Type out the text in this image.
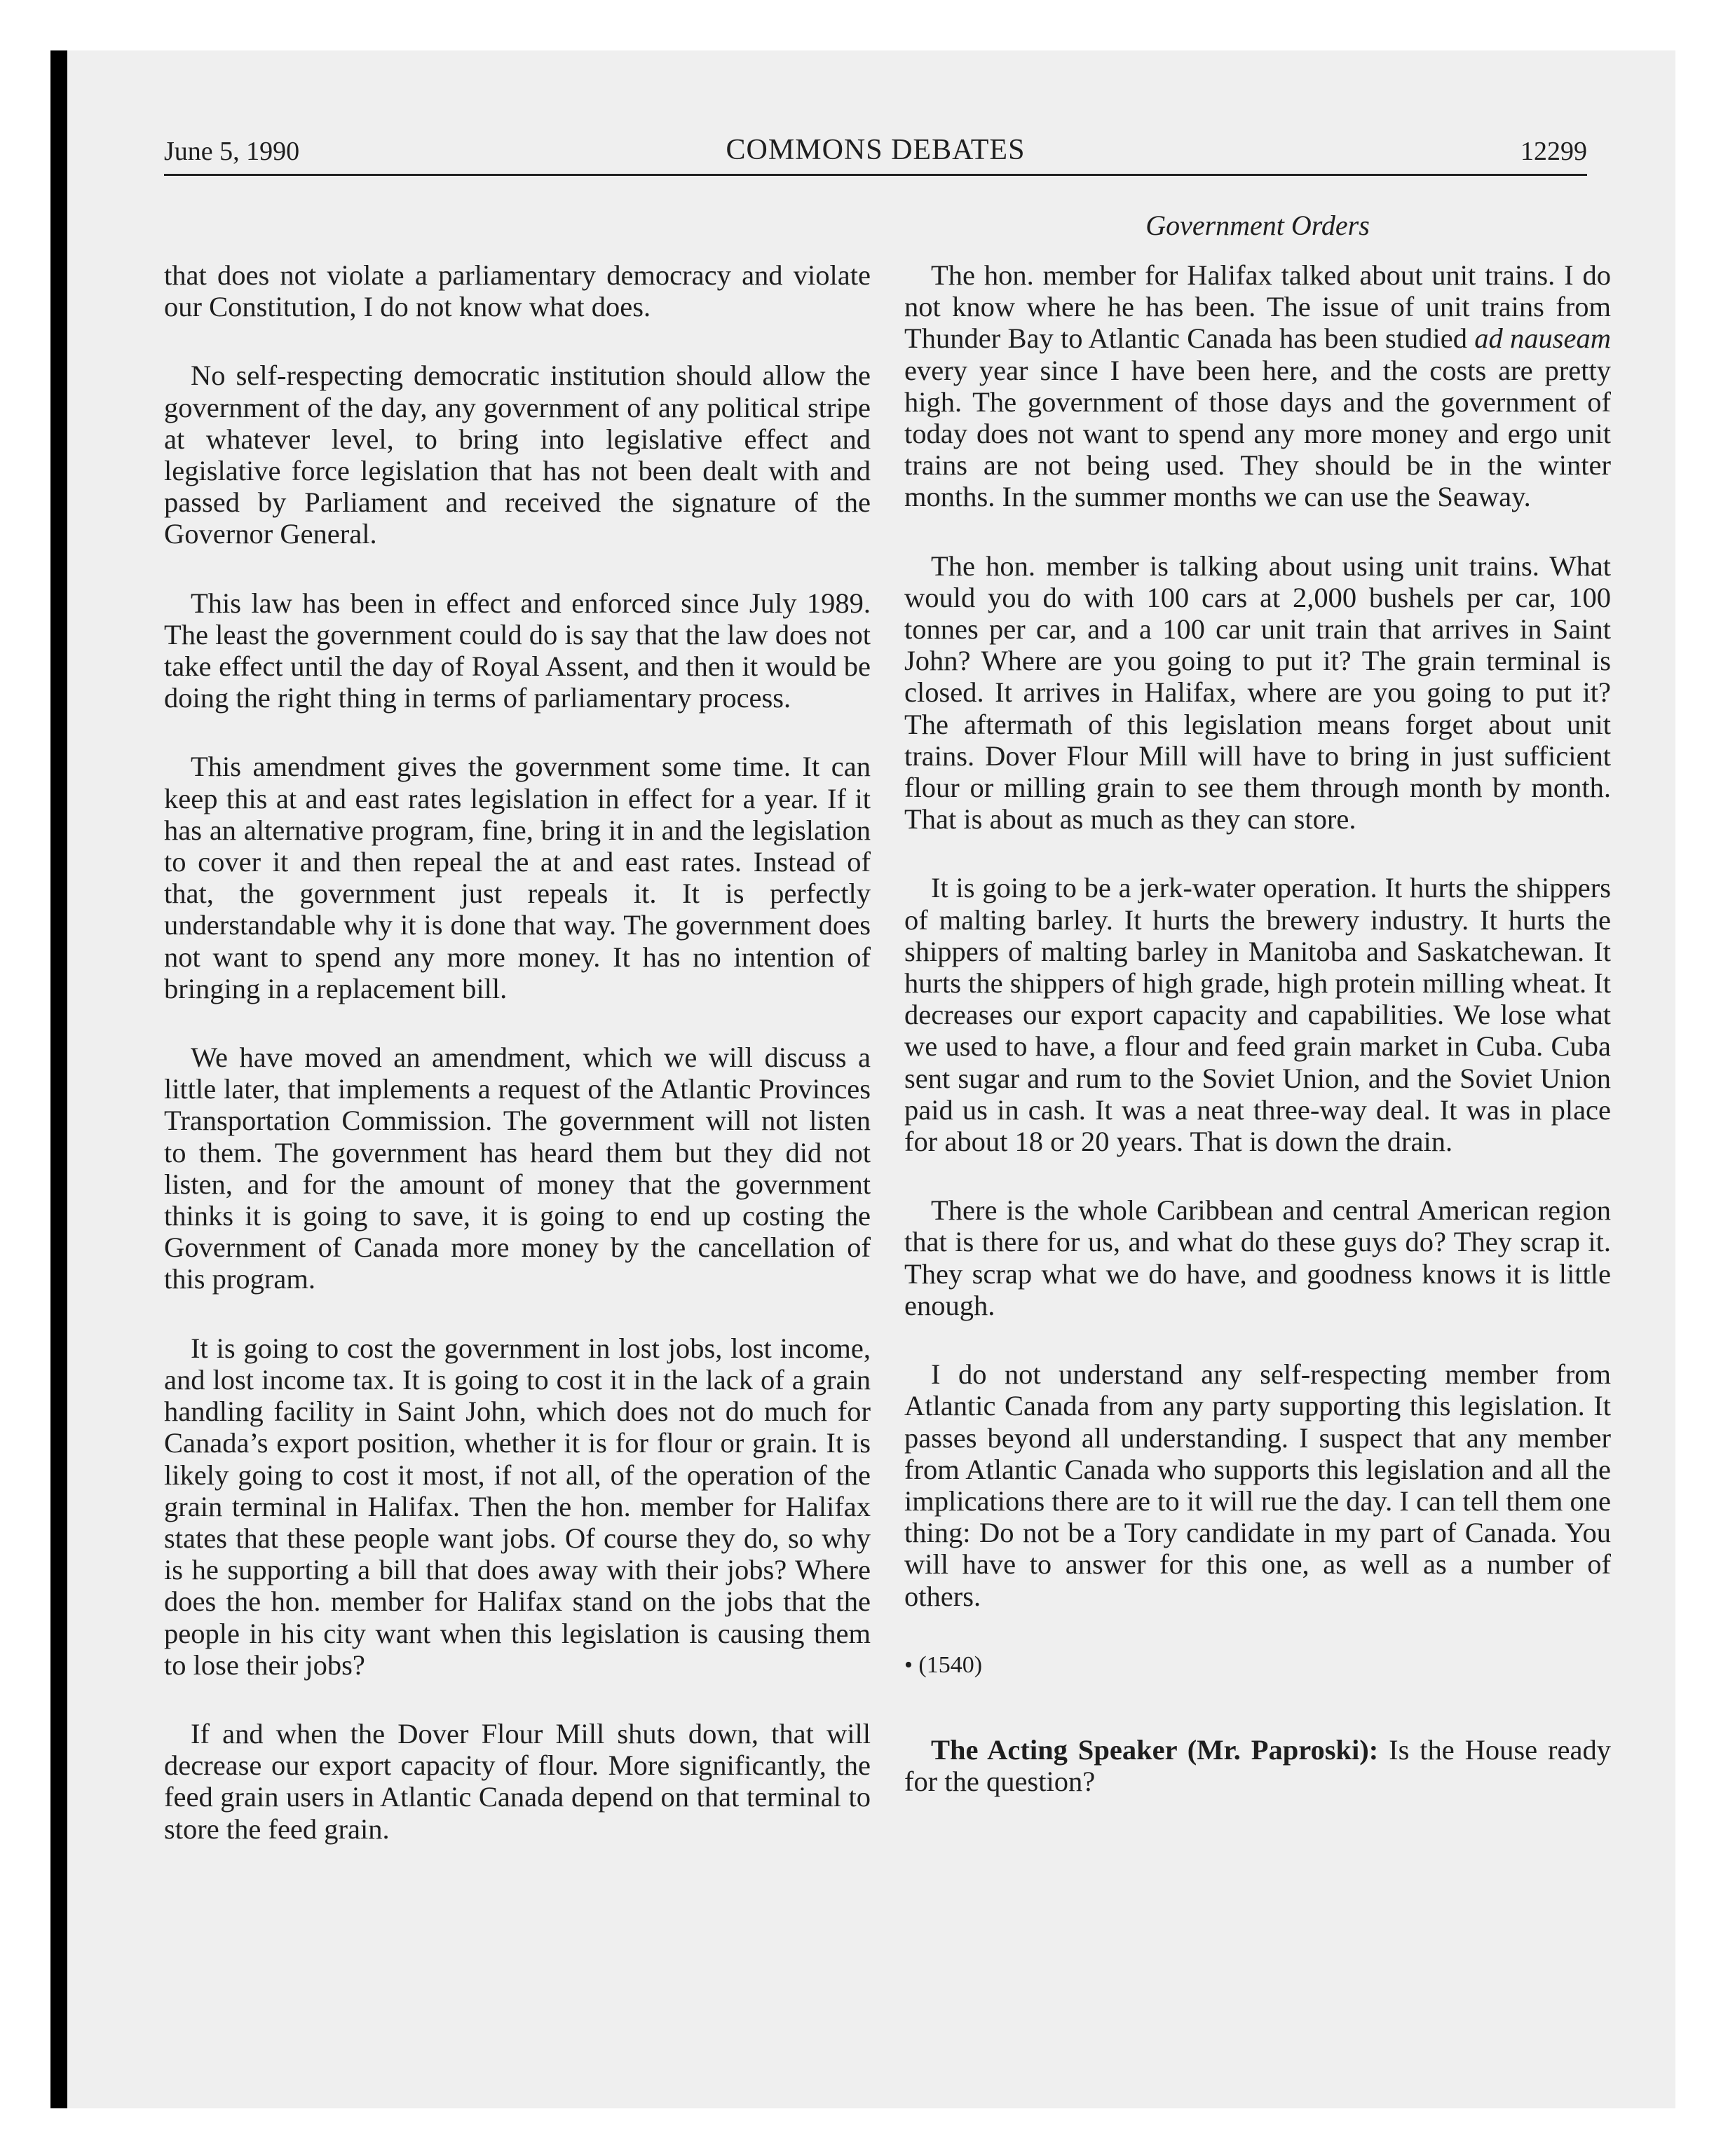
June 5, 1990	COMMONS DEBATES	12299
Government Orders

that does not violate a parliamentary democracy and violate our Constitution, I do not know what does.

No self-respecting democratic institution should allow the government of the day, any government of any political stripe at whatever level, to bring into legislative effect and legislative force legislation that has not been dealt with and passed by Parliament and received the signature of the Governor General.

This law has been in effect and enforced since July 1989. The least the government could do is say that the law does not take effect until the day of Royal Assent, and then it would be doing the right thing in terms of parliamentary process.

This amendment gives the government some time. It can keep this at and east rates legislation in effect for a year. If it has an alternative program, fine, bring it in and the legislation to cover it and then repeal the at and east rates. Instead of that, the government just repeals it. It is perfectly understandable why it is done that way. The government does not want to spend any more money. It has no intention of bringing in a replacement bill.

We have moved an amendment, which we will discuss a little later, that implements a request of the Atlantic Provinces Transportation Commission. The government will not listen to them. The government has heard them but they did not listen, and for the amount of money that the government thinks it is going to save, it is going to end up costing the Government of Canada more money by the cancellation of this program.

It is going to cost the government in lost jobs, lost income, and lost income tax. It is going to cost it in the lack of a grain handling facility in Saint John, which does not do much for Canada’s export position, whether it is for flour or grain. It is likely going to cost it most, if not all, of the operation of the grain terminal in Halifax. Then the hon. member for Halifax states that these people want jobs. Of course they do, so why is he supporting a bill that does away with their jobs? Where does the hon. member for Halifax stand on the jobs that the people in his city want when this legislation is causing them to lose their jobs?

If and when the Dover Flour Mill shuts down, that will decrease our export capacity of flour. More significantly, the feed grain users in Atlantic Canada depend on that terminal to store the feed grain.

The hon. member for Halifax talked about unit trains. I do not know where he has been. The issue of unit trains from Thunder Bay to Atlantic Canada has been studied ad nauseam every year since I have been here, and the costs are pretty high. The government of those days and the government of today does not want to spend any more money and ergo unit trains are not being used. They should be in the winter months. In the summer months we can use the Seaway.

The hon. member is talking about using unit trains. What would you do with 100 cars at 2,000 bushels per car, 100 tonnes per car, and a 100 car unit train that arrives in Saint John? Where are you going to put it? The grain terminal is closed. It arrives in Halifax, where are you going to put it? The aftermath of this legislation means forget about unit trains. Dover Flour Mill will have to bring in just sufficient flour or milling grain to see them through month by month. That is about as much as they can store.

It is going to be a jerk-water operation. It hurts the shippers of malting barley. It hurts the brewery industry. It hurts the shippers of malting barley in Manitoba and Saskatchewan. It hurts the shippers of high grade, high protein milling wheat. It decreases our export capacity and capabilities. We lose what we used to have, a flour and feed grain market in Cuba. Cuba sent sugar and rum to the Soviet Union, and the Soviet Union paid us in cash. It was a neat three-way deal. It was in place for about 18 or 20 years. That is down the drain.

There is the whole Caribbean and central American region that is there for us, and what do these guys do? They scrap it. They scrap what we do have, and goodness knows it is little enough.

I do not understand any self-respecting member from Atlantic Canada from any party supporting this legislation. It passes beyond all understanding. I suspect that any member from Atlantic Canada who supports this legislation and all the implications there are to it will rue the day. I can tell them one thing: Do not be a Tory candidate in my part of Canada. You will have to answer for this one, as well as a number of others.

• (1540)

The Acting Speaker (Mr. Paproski): Is the House ready for the question?
